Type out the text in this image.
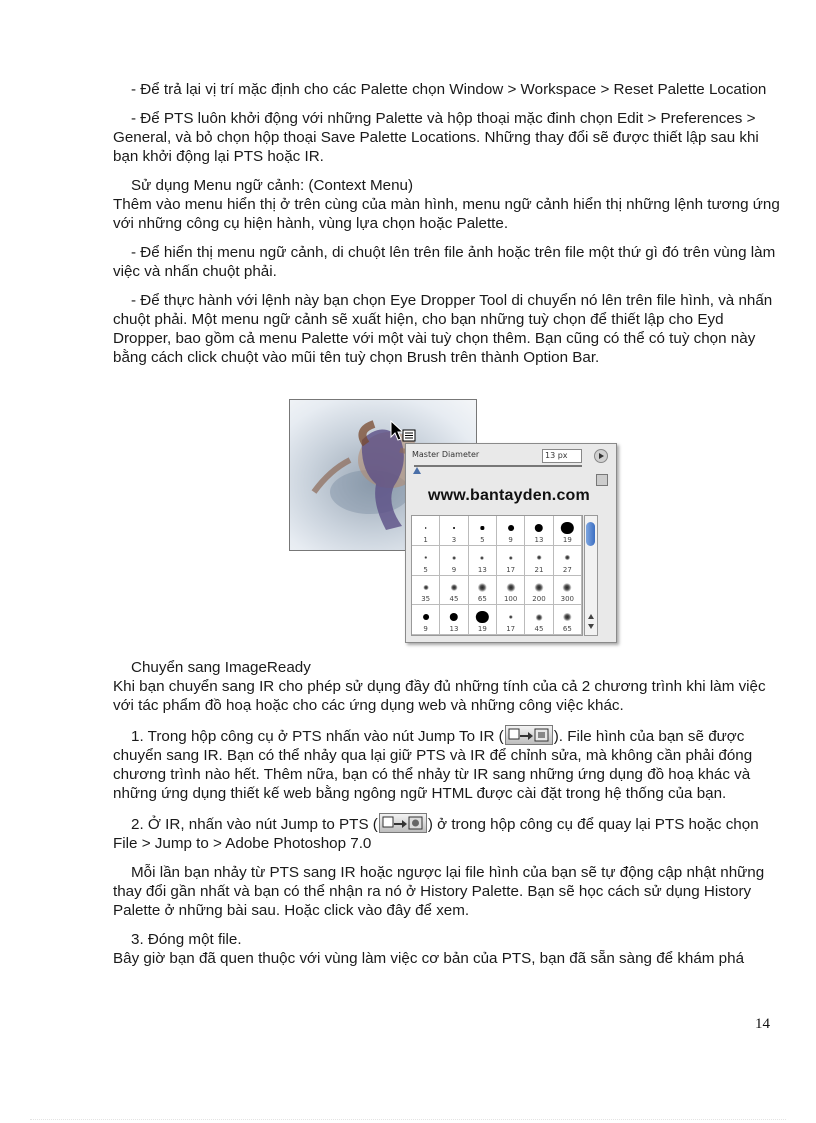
- Để trả lại vị trí mặc định cho các Palette chọn Window > Workspace > Reset Palette Location

- Để PTS luôn khởi động với những Palette và hộp thoại mặc đinh chọn Edit > Preferences > General, và bỏ chọn hộp thoại Save Palette Locations. Những thay đổi sẽ được thiết lập sau khi bạn khởi động lại PTS hoặc IR.

Sử dụng Menu ngữ cảnh: (Context Menu)

Thêm vào menu hiển thị ở trên cùng của màn hình, menu ngữ cảnh hiển thị những lệnh tương ứng với những công cụ hiện hành, vùng lựa chọn hoặc Palette.

- Để hiển thị menu ngữ cảnh, di chuột lên trên file ảnh hoặc trên file một thứ gì đó trên vùng làm việc và nhấn chuột phải.

- Để thực hành với lệnh này bạn chọn Eye Dropper Tool di chuyển nó lên trên file hình, và nhấn chuột phải. Một menu ngữ cảnh sẽ xuất hiện, cho bạn những tuỳ chọn để thiết lập cho Eyd Dropper, bao gồm cả menu Palette với một vài tuỳ chọn thêm. Bạn cũng có thể có tuỳ chọn này bằng cách click chuột vào mũi tên tuỳ chọn Brush trên thành Option Bar.

Master Diameter	13 px
www.bantayden.com
1	3	5	9	13	19
5	9	13	17	21	27
35	45	65	100	200	300
9	13	19	17	45	65

Chuyển sang ImageReady

Khi bạn chuyển sang IR cho phép sử dụng đầy đủ những tính của cả 2 chương trình khi làm việc với tác phẩm đồ hoạ hoặc cho các ứng dụng web và những công việc khác.

1. Trong hộp công cụ ở PTS nhấn vào nút Jump To IR (	). File hình của bạn sẽ được chuyển sang IR. Bạn có thể nhảy qua lại giữ PTS và IR để chỉnh sửa, mà không cần phải đóng chương trình nào hết. Thêm nữa, bạn có thể nhảy từ IR sang những ứng dụng đồ hoạ khác và những ứng dụng thiết kế web bằng ngông ngữ HTML được cài đặt trong hệ thống của bạn.

2. Ở IR, nhấn vào nút Jump to PTS (	) ở trong hộp công cụ để quay lại PTS hoặc chọn File > Jump to > Adobe Photoshop 7.0

Mỗi lần bạn nhảy từ PTS sang IR hoặc ngược lại file hình của bạn sẽ tự động cập nhật những thay đổi gần nhất và bạn có thể nhận ra nó ở History Palette. Bạn sẽ học cách sử dụng History Palette ở những bài sau. Hoặc click vào đây để xem.

3. Đóng một file.

Bây giờ bạn đã quen thuộc với vùng làm việc cơ bản của PTS, bạn đã sẵn sàng để khám phá

14
